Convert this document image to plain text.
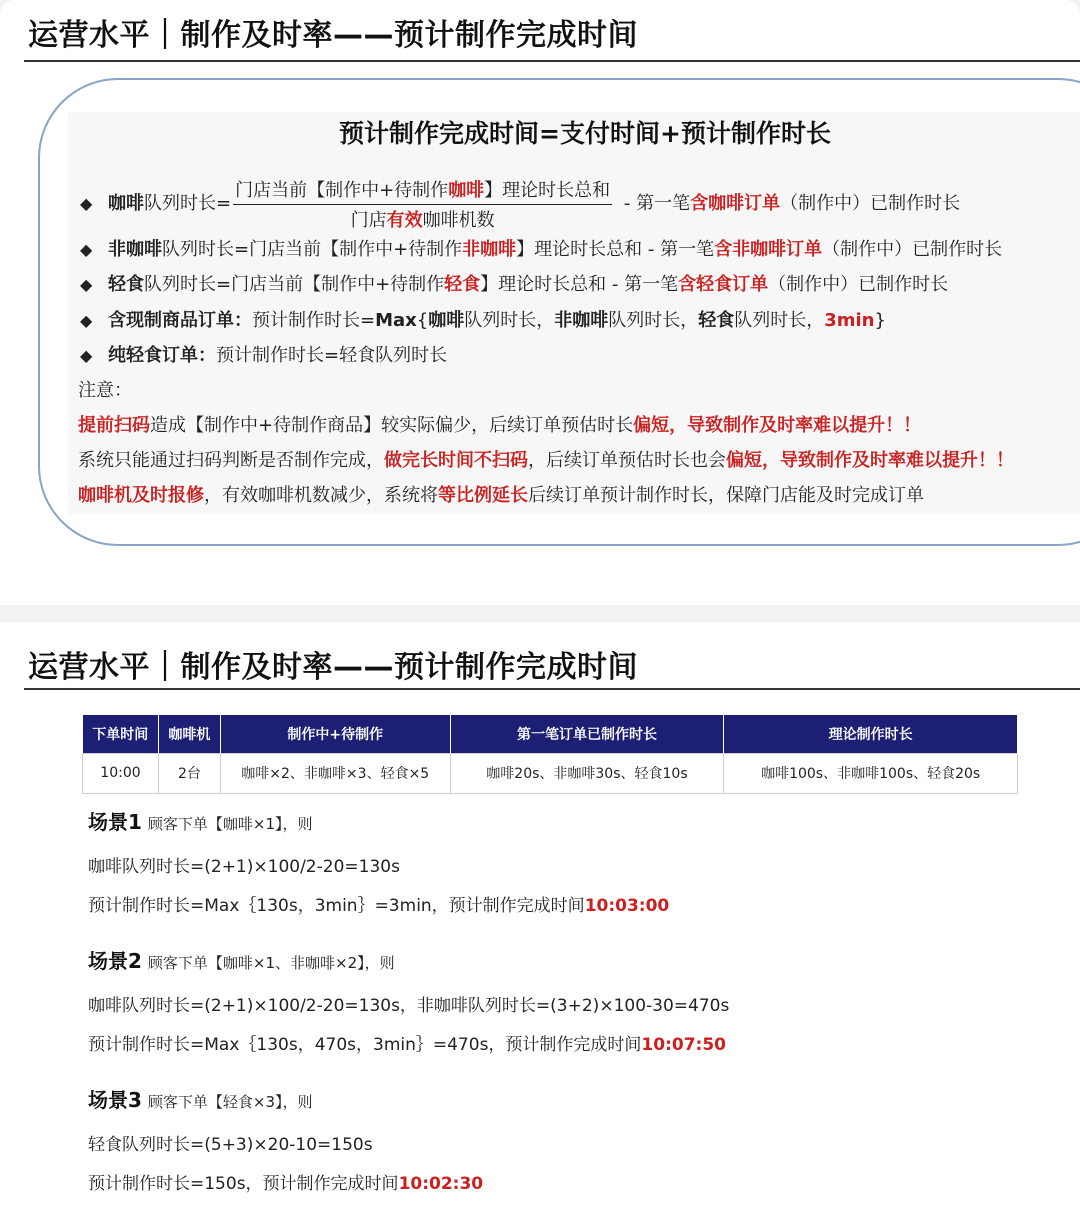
运营水平｜制作及时率——预计制作完成时间
预计制作完成时间=支付时间+预计制作时长
◆ 咖啡队列时长= $\frac{\text{门店当前【制作中+待制作咖啡】理论时长总和}}{\text{门店有效咖啡机数}}$ - 第一笔含咖啡订单（制作中）已制作时长
◆ 非咖啡队列时长=门店当前【制作中+待制作非咖啡】理论时长总和 - 第一笔含非咖啡订单（制作中）已制作时长
◆ 轻食队列时长=门店当前【制作中+待制作轻食】理论时长总和 - 第一笔含轻食订单（制作中）已制作时长
◆ 含现制商品订单：预计制作时长=Max{咖啡队列时长，非咖啡队列时长，轻食队列时长，3min}
◆ 纯轻食订单：预计制作时长=轻食队列时长
注意：
提前扫码造成【制作中+待制作商品】较实际偏少，后续订单预估时长偏短，导致制作及时率难以提升！！
系统只能通过扫码判断是否制作完成，做完长时间不扫码，后续订单预估时长也会偏短，导致制作及时率难以提升！！
咖啡机及时报修，有效咖啡机数减少，系统将等比例延长后续订单预计制作时长，保障门店能及时完成订单
运营水平｜制作及时率——预计制作完成时间
下单时间	咖啡机	制作中+待制作	第一笔订单已制作时长	理论制作时长
10:00	2台	咖啡×2、非咖啡×3、轻食×5	咖啡20s、非咖啡30s、轻食10s	咖啡100s、非咖啡100s、轻食20s
场景1 顾客下单【咖啡×1】，则
咖啡队列时长=(2+1)×100/2-20=130s
预计制作时长=Max｛130s，3min｝=3min，预计制作完成时间10:03:00
场景2 顾客下单【咖啡×1、非咖啡×2】，则
咖啡队列时长=(2+1)×100/2-20=130s，非咖啡队列时长=(3+2)×100-30=470s
预计制作时长=Max｛130s，470s，3min｝=470s，预计制作完成时间10:07:50
场景3 顾客下单【轻食×3】，则
轻食队列时长=(5+3)×20-10=150s
预计制作时长=150s，预计制作完成时间10:02:30
